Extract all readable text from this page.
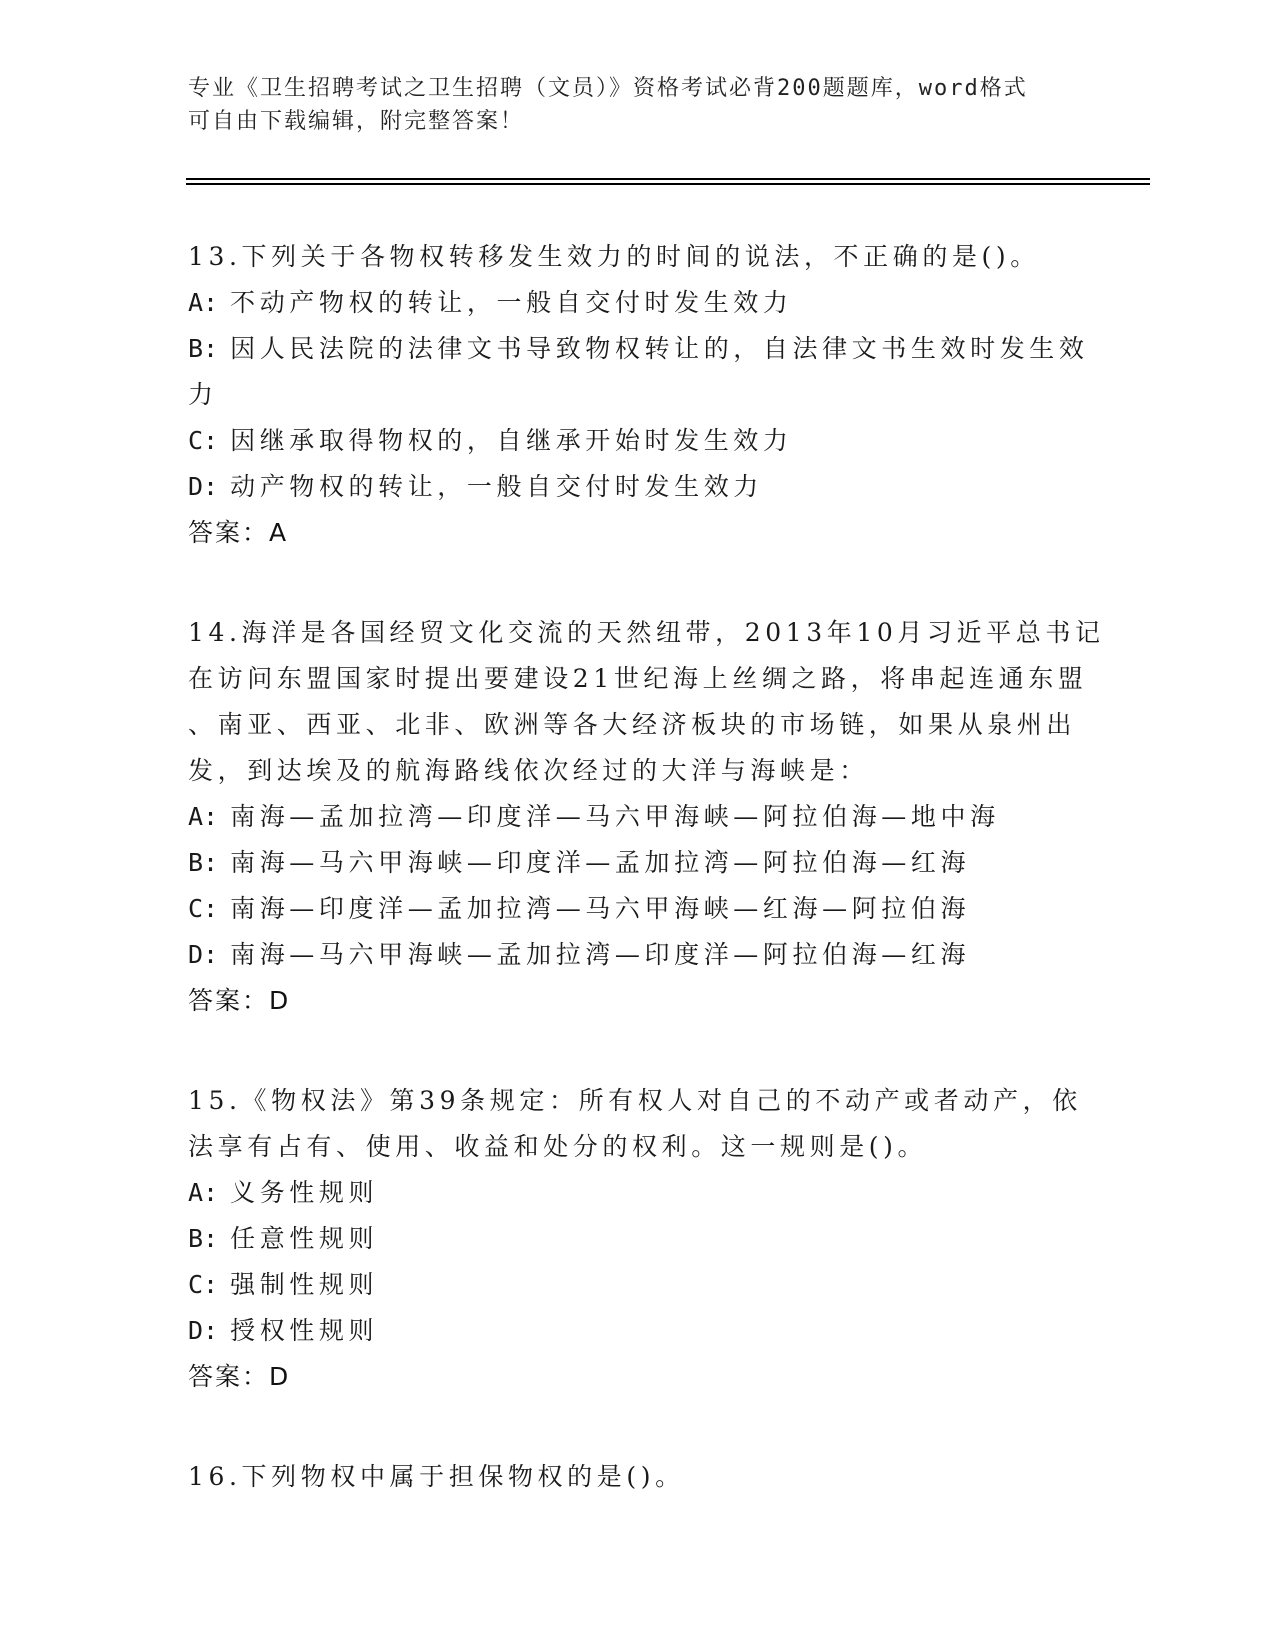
专业《卫生招聘考试之卫生招聘（文员）》资格考试必背200题题库，word格式
可自由下载编辑，附完整答案！
13.下列关于各物权转移发生效力的时间的说法，不正确的是()。
A: 不动产物权的转让，一般自交付时发生效力
B: 因人民法院的法律文书导致物权转让的，自法律文书生效时发生效
力
C: 因继承取得物权的，自继承开始时发生效力
D: 动产物权的转让，一般自交付时发生效力
答案：A
14.海洋是各国经贸文化交流的天然纽带，2013年10月习近平总书记
在访问东盟国家时提出要建设21世纪海上丝绸之路，将串起连通东盟
、南亚、西亚、北非、欧洲等各大经济板块的市场链，如果从泉州出
发，到达埃及的航海路线依次经过的大洋与海峡是：
A: 南海—孟加拉湾—印度洋—马六甲海峡—阿拉伯海—地中海
B: 南海—马六甲海峡—印度洋—孟加拉湾—阿拉伯海—红海
C: 南海—印度洋—孟加拉湾—马六甲海峡—红海—阿拉伯海
D: 南海—马六甲海峡—孟加拉湾—印度洋—阿拉伯海—红海
答案：D
15.《物权法》第39条规定：所有权人对自己的不动产或者动产，依
法享有占有、使用、收益和处分的权利。这一规则是()。
A: 义务性规则
B: 任意性规则
C: 强制性规则
D: 授权性规则
答案：D
16.下列物权中属于担保物权的是()。
